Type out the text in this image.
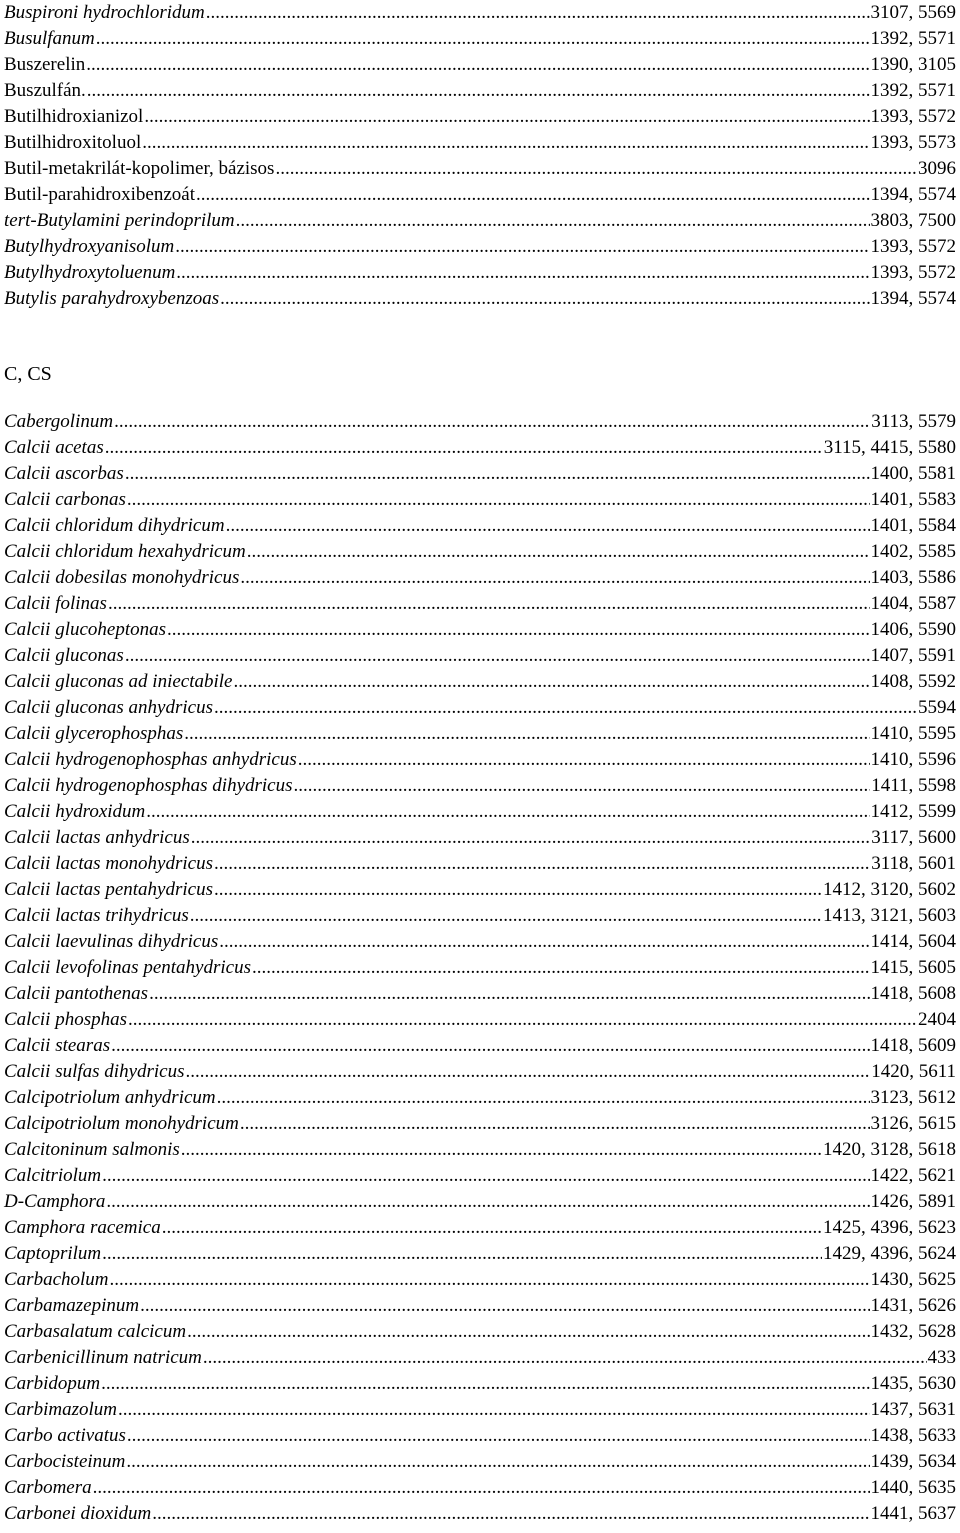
Buspironi hydrochloridum .....	3107, 5569
Busulfanum .....	1392, 5571
Buszerelin .....	1390, 3105
Buszulfán. .....	1392, 5571
Butilhidroxianizol .....	1393, 5572
Butilhidroxitoluol .....	1393, 5573
Butil-metakrilát-kopolimer, bázisos .....	3096
Butil-parahidroxibenzoát .....	1394, 5574
tert-Butylamini perindoprilum .....	3803, 7500
Butylhydroxyanisolum .....	1393, 5572
Butylhydroxytoluenum .....	1393, 5572
Butylis parahydroxybenzoas .....	1394, 5574
C, CS
Cabergolinum .....	3113, 5579
Calcii acetas .....	3115, 4415, 5580
Calcii ascorbas .....	1400, 5581
Calcii carbonas .....	1401, 5583
Calcii chloridum dihydricum .....	1401, 5584
Calcii chloridum hexahydricum .....	1402, 5585
Calcii dobesilas monohydricus .....	1403, 5586
Calcii folinas .....	1404, 5587
Calcii glucoheptonas .....	1406, 5590
Calcii gluconas .....	1407, 5591
Calcii gluconas ad iniectabile .....	1408, 5592
Calcii gluconas anhydricus .....	5594
Calcii glycerophosphas .....	1410, 5595
Calcii hydrogenophosphas anhydricus .....	1410, 5596
Calcii hydrogenophosphas dihydricus .....	1411, 5598
Calcii hydroxidum .....	1412, 5599
Calcii lactas anhydricus .....	3117, 5600
Calcii lactas monohydricus .....	3118, 5601
Calcii lactas pentahydricus .....	1412, 3120, 5602
Calcii lactas trihydricus .....	1413, 3121, 5603
Calcii laevulinas dihydricus .....	1414, 5604
Calcii levofolinas pentahydricus .....	1415, 5605
Calcii pantothenas .....	1418, 5608
Calcii phosphas .....	2404
Calcii stearas .....	1418, 5609
Calcii sulfas dihydricus .....	1420, 5611
Calcipotriolum anhydricum .....	3123, 5612
Calcipotriolum monohydricum .....	3126, 5615
Calcitoninum salmonis .....	1420, 3128, 5618
Calcitriolum .....	1422, 5621
D-Camphora .....	1426, 5891
Camphora racemica .....	1425, 4396, 5623
Captoprilum .....	1429, 4396, 5624
Carbacholum .....	1430, 5625
Carbamazepinum .....	1431, 5626
Carbasalatum calcicum .....	1432, 5628
Carbenicillinum natricum .....	433
Carbidopum .....	1435, 5630
Carbimazolum .....	1437, 5631
Carbo activatus .....	1438, 5633
Carbocisteinum .....	1439, 5634
Carbomera .....	1440, 5635
Carbonei dioxidum .....	1441, 5637
